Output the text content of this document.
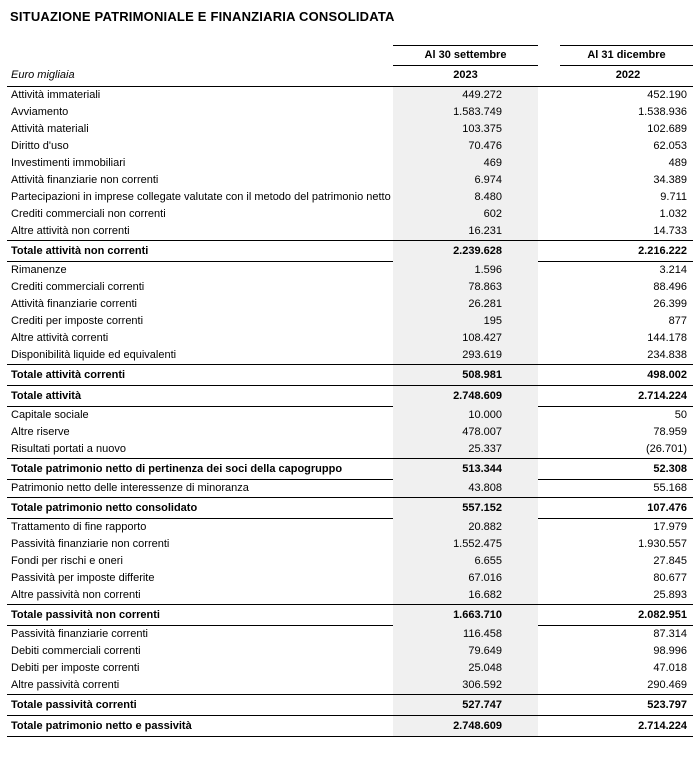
SITUAZIONE PATRIMONIALE E FINANZIARIA CONSOLIDATA

	Al 30 settembre	Al 31 dicembre

Euro migliaia	2023	2022
Attività immateriali	449.272	452.190
Avviamento	1.583.749	1.538.936
Attività materiali	103.375	102.689
Diritto d'uso	70.476	62.053
Investimenti immobiliari	469	489
Attività finanziarie non correnti	6.974	34.389
Partecipazioni in imprese collegate valutate con il metodo del patrimonio netto	8.480	9.711
Crediti commerciali non correnti	602	1.032
Altre attività non correnti	16.231	14.733
Totale attività non correnti	2.239.628	2.216.222
Rimanenze	1.596	3.214
Crediti commerciali correnti	78.863	88.496
Attività finanziarie correnti	26.281	26.399
Crediti per imposte correnti	195	877
Altre attività correnti	108.427	144.178
Disponibilità liquide ed equivalenti	293.619	234.838
Totale attività correnti	508.981	498.002
Totale attività	2.748.609	2.714.224
Capitale sociale	10.000	50
Altre riserve	478.007	78.959
Risultati portati a nuovo	25.337	(26.701)
Totale patrimonio netto di pertinenza dei soci della capogruppo	513.344	52.308
Patrimonio netto delle interessenze di minoranza	43.808	55.168
Totale patrimonio netto consolidato	557.152	107.476
Trattamento di fine rapporto	20.882	17.979
Passività finanziarie non correnti	1.552.475	1.930.557
Fondi per rischi e oneri	6.655	27.845
Passività per imposte differite	67.016	80.677
Altre passività non correnti	16.682	25.893
Totale passività non correnti	1.663.710	2.082.951
Passività finanziarie correnti	116.458	87.314
Debiti commerciali correnti	79.649	98.996
Debiti per imposte correnti	25.048	47.018
Altre passività correnti	306.592	290.469
Totale passività correnti	527.747	523.797
Totale patrimonio netto e passività	2.748.609	2.714.224
